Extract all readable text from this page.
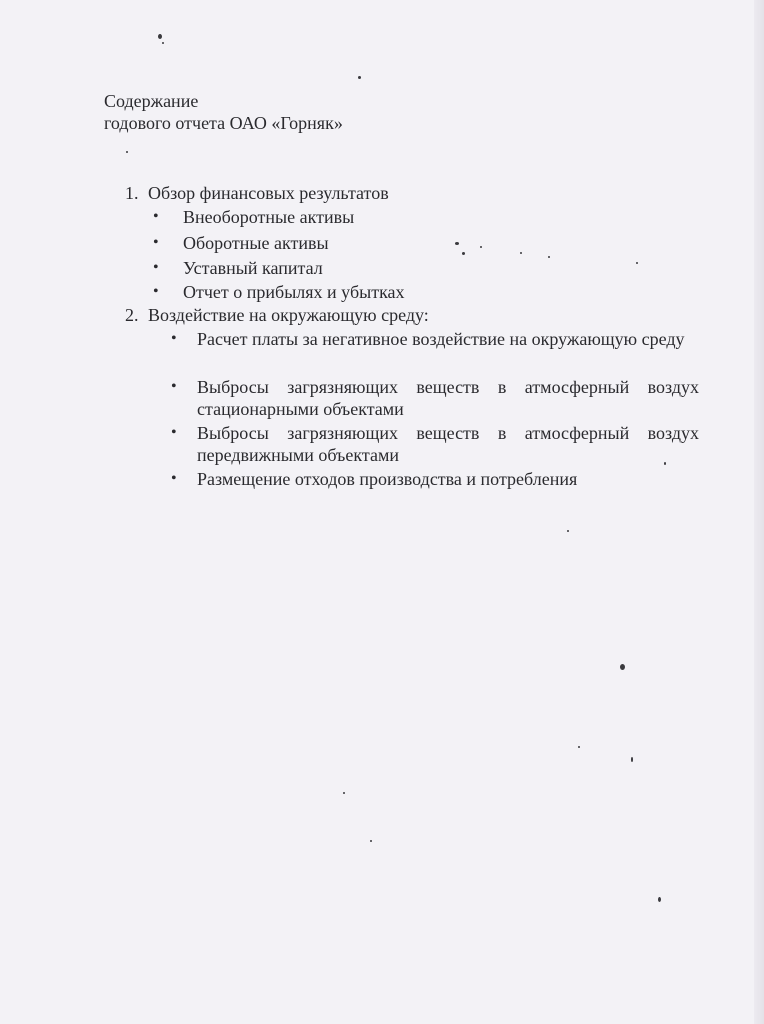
Содержание
годового отчета ОАО «Горняк»
1. Обзор финансовых результатов
• Внеоборотные активы
• Оборотные активы
• Уставный капитал
• Отчет о прибылях и убытках
2. Воздействие на окружающую среду:
• Расчет платы за негативное воздействие на окружающую среду
• Выбросы загрязняющих веществ в атмосферный воздух стационарными объектами
• Выбросы загрязняющих веществ в атмосферный воздух передвижными объектами
• Размещение отходов производства и потребления
